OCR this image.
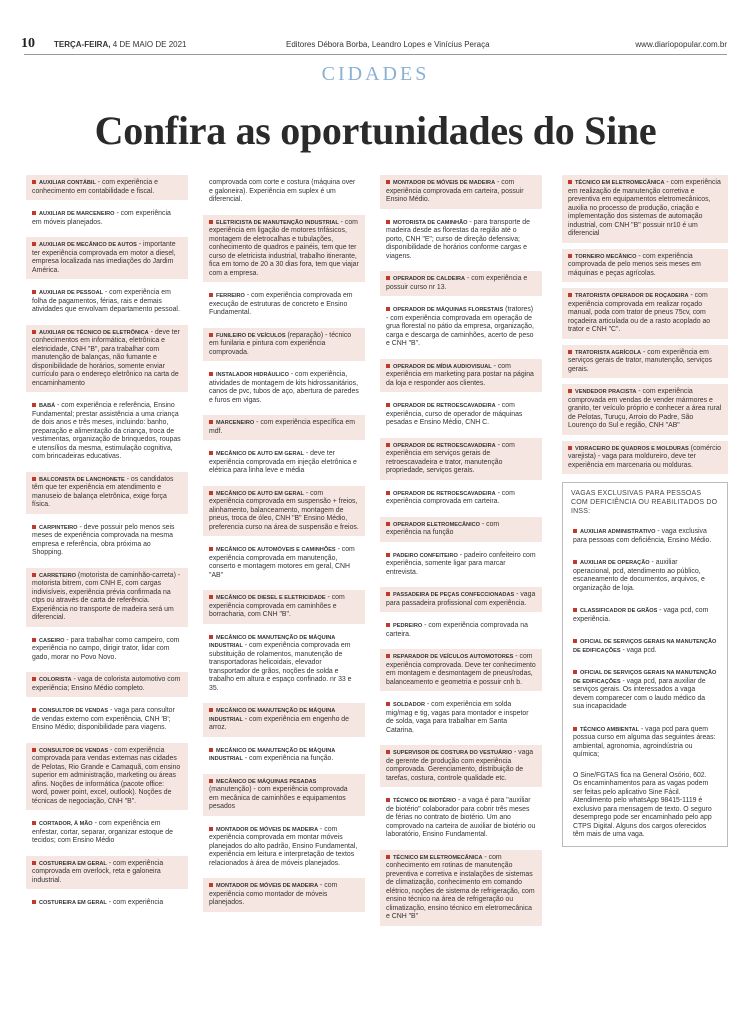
10 TERÇA-FEIRA, 4 DE MAIO DE 2021	Editores Débora Borba, Leandro Lopes e Vinícius Peraça	www.diariopopular.com.br
CIDADES
Confira as oportunidades do Sine
AUXILIAR CONTÁBIL - com experiência e conhecimento em contabilidade e fiscal.
AUXILIAR DE MARCENEIRO - com experiência em móveis planejados.
AUXILIAR DE MECÂNICO DE AUTOS - importante ter experiência comprovada em motor a diesel, empresa localizada nas imediações do Jardim América.
AUXILIAR DE PESSOAL - com experiência em folha de pagamentos, férias, rais e demais atividades que envolvam departamento pessoal.
AUXILIAR DE TÉCNICO DE ELETRÔNICA - deve ter conhecimentos em informática, eletrônica e eletricidade, CNH "B", para trabalhar com manutenção de balanças, não fumante e disponibilidade de horários, somente enviar currículo para o endereço eletrônico na carta de encaminhamento
BABÁ - com experiência e referência, Ensino Fundamental; prestar assistência a uma criança de dois anos e três meses, incluindo: banho, preparação e alimentação da criança, troca de vestimentas, organização de brinquedos, roupas e utensílios da mesma, estimulação cognitiva, com brincadeiras educativas.
BALCONISTA DE LANCHONETE - os candidatos têm que ter experiência em atendimento e manuseio de balança eletrônica, exige força física.
CARPINTEIRO - deve possuir pelo menos seis meses de experiência comprovada na mesma empresa e referência, obra próxima ao Shopping.
CARRETEIRO (motorista de caminhão-carreta) - motorista bitrem, com CNH E, com cargas indivisíveis, experiência prévia confirmada na ctps ou através de carta de referência. Experiência no transporte de madeira será um diferencial.
CASEIRO - para trabalhar como campeiro, com experiência no campo, dirigir trator, lidar com gado, morar no Povo Novo.
COLORISTA - vaga de colorista automotivo com experiência; Ensino Médio completo.
CONSULTOR DE VENDAS - vaga para consultor de vendas externo com experiência, CNH 'B'; Ensino Médio; disponibilidade para viagens.
CONSULTOR DE VENDAS - com experiência comprovada para vendas externas nas cidades de Pelotas, Rio Grande e Camaquã, com ensino superior em administração, marketing ou áreas afins. Noções de informática (pacote office: word, power point, excel, outlook). Noções de técnicas de negociação, CNH "B".
CORTADOR, À MÃO - com experiência em enfestar, cortar, separar, organizar estoque de tecidos; com Ensino Médio
COSTUREIRA EM GERAL - com experiência comprovada em overlock, reta e galoneira industrial.
COSTUREIRA EM GERAL - com experiência
comprovada com corte e costura (máquina over e galoneira). Experiência em suplex é um diferencial.
ELETRICISTA DE MANUTENÇÃO INDUSTRIAL - com experiência em ligação de motores trifásicos, montagem de eletrocalhas e tubulações, conhecimento de quadros e painéis, tem que ter curso de eletricista industrial, trabalho itinerante, fica em torno de 20 a 30 dias fora, tem que viajar com a empresa.
FERREIRO - com experiência comprovada em execução de estruturas de concreto e Ensino Fundamental.
FUNILEIRO DE VEÍCULOS (reparação) - técnico em funilaria e pintura com experiência comprovada.
INSTALADOR HIDRÁULICO - com experiência, atividades de montagem de kits hidrossanitários, canos de pvc, tubos de aço, abertura de paredes e furos em vigas.
MARCENEIRO - com experiência específica em mdf.
MECÂNICO DE AUTO EM GERAL - deve ter experiência comprovada em injeção eletrônica e elétrica para linha leve e média
MECÂNICO DE AUTO EM GERAL - com experiência comprovada em suspensão + freios, alinhamento, balanceamento, montagem de pneus, troca de óleo, CNH "B" Ensino Médio, preferencia curso na área de suspensão e freios.
MECÂNICO DE AUTOMÓVEIS E CAMINHÕES - com experiência comprovada em manutenção, conserto e montagem motores em geral, CNH "AB"
MECÂNICO DE DIESEL E ELETRICIDADE - com experiência comprovada em caminhões e borracharia, com CNH "B".
MECÂNICO DE MANUTENÇÃO DE MÁQUINA INDUSTRIAL - com experiência comprovada em substituição de rolamentos, manutenção de transportadoras helicoidais, elevador transportador de grãos, noções de solda e trabalho em altura e espaço confinado. nr 33 e 35.
MECÂNICO DE MANUTENÇÃO DE MÁQUINA INDUSTRIAL - com experiência em engenho de arroz.
MECÂNICO DE MANUTENÇÃO DE MÁQUINA INDUSTRIAL - com experiência na função.
MECÂNICO DE MÁQUINAS PESADAS (manutenção) - com experiência comprovada em mecânica de caminhões e equipamentos pesados
MONTADOR DE MÓVEIS DE MADEIRA - com experiência comprovada em montar móveis planejados do alto padrão, Ensino Fundamental, experiência em leitura e interpretação de textos relacionados à área de móveis planejados.
MONTADOR DE MÓVEIS DE MADEIRA - com experiência como montador de móveis planejados.
MONTADOR DE MÓVEIS DE MADEIRA - com experiência comprovada em carteira, possuir Ensino Médio.
MOTORISTA DE CAMINHÃO - para transporte de madeira desde as florestas da região até o porto, CNH "E"; curso de direção defensiva; disponibilidade de horários conforme cargas e viagens.
OPERADOR DE CALDEIRA - com experiência e possuir curso nr 13.
OPERADOR DE MÁQUINAS FLORESTAIS (tratores) - com experiência comprovada em operação de grua florestal no pátio da empresa, organização, carga e descarga de caminhões, acerto de peso e CNH "B".
OPERADOR DE MÍDIA AUDIOVISUAL - com experiência em marketing para postar na página da loja e responder aos clientes.
OPERADOR DE RETROESCAVADEIRA - com experiência, curso de operador de máquinas pesadas e Ensino Médio, CNH C.
OPERADOR DE RETROESCAVADEIRA - com experiência em serviços gerais de retroescavadeira e trator, manutenção propriedade, serviços gerais.
OPERADOR DE RETROESCAVADEIRA - com experiência comprovada em carteira.
OPERADOR ELETROMECÂNICO - com experiência na função
PADEIRO CONFEITEIRO - padeiro confeiteiro com experiência, somente ligar para marcar entrevista.
PASSADEIRA DE PEÇAS CONFECCIONADAS - vaga para passadeira profissional com experiência.
PEDREIRO - com experiência comprovada na carteira.
REPARADOR DE VEÍCULOS AUTOMOTORES - com experiência comprovada. Deve ter conhecimento em montagem e desmontagem de pneus/rodas, balanceamento e geometria e possuir cnh b.
SOLDADOR - com experiência em solda mig/mag e tig, vagas para montador e inspetor de solda, vaga para trabalhar em Santa Catarina.
SUPERVISOR DE COSTURA DO VESTUÁRIO - vaga de gerente de produção com experiência comprovada. Gerenciamento, distribuição de tarefas, costura, controle qualidade etc.
TÉCNICO DE BIOTÉRIO - a vaga é para "auxiliar de biotério" colaborador para cobrir três meses de férias no contrato de biotério. Um ano comprovado na carteira de auxiliar de biotério ou laboratório, Ensino Fundamental.
TÉCNICO EM ELETROMECÂNICA - com conhecimento em rotinas de manutenção preventiva e corretiva e instalações de sistemas de climatização, conhecimento em comando elétrico, noções de sistema de refrigeração, com ensino técnico na área de refrigeração ou climatização, ensino técnico em eletromecânica e CNH "B"
TÉCNICO EM ELETROMECÂNICA - com experiência em realização de manutenção corretiva e preventiva em equipamentos eletromecânicos, auxilia no processo de produção, criação e implementação dos sistemas de automação industrial, com CNH "B" possuir nr10 é um diferencial
TORNEIRO MECÂNICO - com experiência comprovada de pelo menos seis meses em máquinas e peças agrícolas.
TRATORISTA OPERADOR DE ROÇADEIRA - com experiência comprovada em realizar roçado manual, poda com trator de pneus 75cv, com roçadeira articulada ou de a rasto acoplado ao trator e CNH "C".
TRATORISTA AGRÍCOLA - com experiência em serviços gerais de trator, manutenção, serviços gerais.
VENDEDOR PRACISTA - com experiência comprovada em vendas de vender mármores e granito, ter veículo próprio e conhecer a área rural de Pelotas, Turuçu, Arroio do Padre, São Lourenço do Sul e região, CNH "AB"
VIDRACEIRO DE QUADROS E MOLDURAS (comércio varejista) - vaga para moldureiro, deve ter experiência em marcenaria ou molduras.
VAGAS EXCLUSIVAS PARA PESSOAS COM DEFICIÊNCIA OU REABILITADOS DO INSS:
AUXILIAR ADMINISTRATIVO - vaga exclusiva para pessoas com deficiência, Ensino Médio.
AUXILIAR DE OPERAÇÃO - auxiliar operacional, pcd, atendimento ao público, escaneamento de documentos, arquivos, e organização de loja.
CLASSIFICADOR DE GRÃOS - vaga pcd, com experiência.
OFICIAL DE SERVIÇOS GERAIS NA MANUTENÇÃO DE EDIFICAÇÕES - vaga pcd.
OFICIAL DE SERVIÇOS GERAIS NA MANUTENÇÃO DE EDIFICAÇÕES - vaga pcd, para auxiliar de serviços gerais. Os interessados a vaga devem comparecer com o laudo médico da sua incapacidade
TÉCNICO AMBIENTAL - vaga pcd para quem possua curso em alguma das seguintes áreas: ambiental, agronomia, agroindústria ou química;
O Sine/FGTAS fica na General Osório, 602. Os encaminhamentos para as vagas podem ser feitas pelo aplicativo Sine Fácil. Atendimento pelo whatsApp 98415-1119 é exclusivo para mensagem de texto. O seguro desemprego pode ser encaminhado pelo app CTPS Digital. Alguns dos cargos oferecidos têm mais de uma vaga.
